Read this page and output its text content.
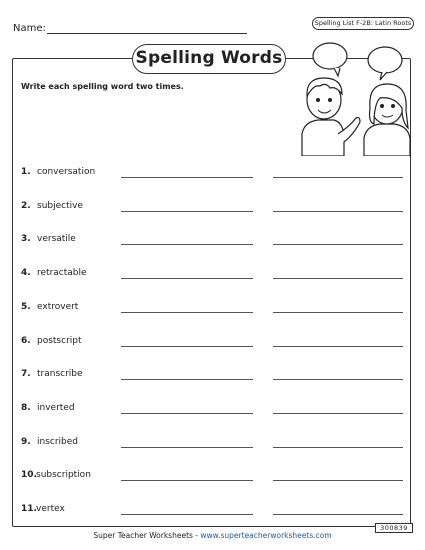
Name:	Spelling List F-2B: Latin Roots
Spelling Words
Write each spelling word two times.
1. conversation
2. subjective
3. versatile
4. retractable
5. extrovert
6. postscript
7. transcribe
8. inverted
9. inscribed
10. subscription
11. vertex
Super Teacher Worksheets - www.superteacherworksheets.com
300839
